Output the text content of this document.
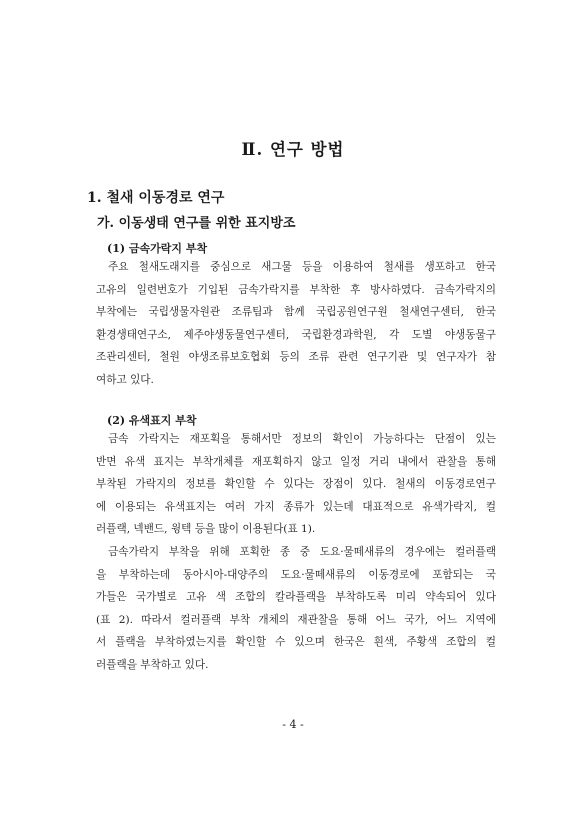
Ⅱ. 연구 방법
1. 철새 이동경로 연구
가. 이동생태 연구를 위한 표지방조
(1) 금속가락지 부착
주요 철새도래지를 중심으로 새그물 등을 이용하여 철새를 생포하고 한국
고유의 일련번호가 기입된 금속가락지를 부착한 후 방사하였다. 금속가락지의
부착에는 국립생물자원관 조류팀과 함께 국립공원연구원 철새연구센터, 한국
환경생태연구소, 제주야생동물연구센터, 국립환경과학원, 각 도별 야생동물구
조관리센터, 철원 야생조류보호협회 등의 조류 관련 연구기관 및 연구자가 참
여하고 있다.
(2) 유색표지 부착
금속 가락지는 재포획을 통해서만 정보의 확인이 가능하다는 단점이 있는
반면 유색 표지는 부착개체를 재포획하지 않고 일정 거리 내에서 관찰을 통해
부착된 가락지의 정보를 확인할 수 있다는 장점이 있다. 철새의 이동경로연구
에 이용되는 유색표지는 여러 가지 종류가 있는데 대표적으로 유색가락지, 컬
러플랙, 넥밴드, 윙텍 등을 많이 이용된다(표 1).
금속가락지 부착을 위해 포획한 종 중 도요·물떼새류의 경우에는 컬러플랙
을 부착하는데 동아시아-대양주의 도요·물떼새류의 이동경로에 포함되는 국
가들은 국가별로 고유 색 조합의 칼라플랙을 부착하도록 미리 약속되어 있다
(표 2). 따라서 컬러플랙 부착 개체의 재관찰을 통해 어느 국가, 어느 지역에
서 플랙을 부착하였는지를 확인할 수 있으며 한국은 흰색, 주황색 조합의 컬
러플랙을 부착하고 있다.
- 4 -
